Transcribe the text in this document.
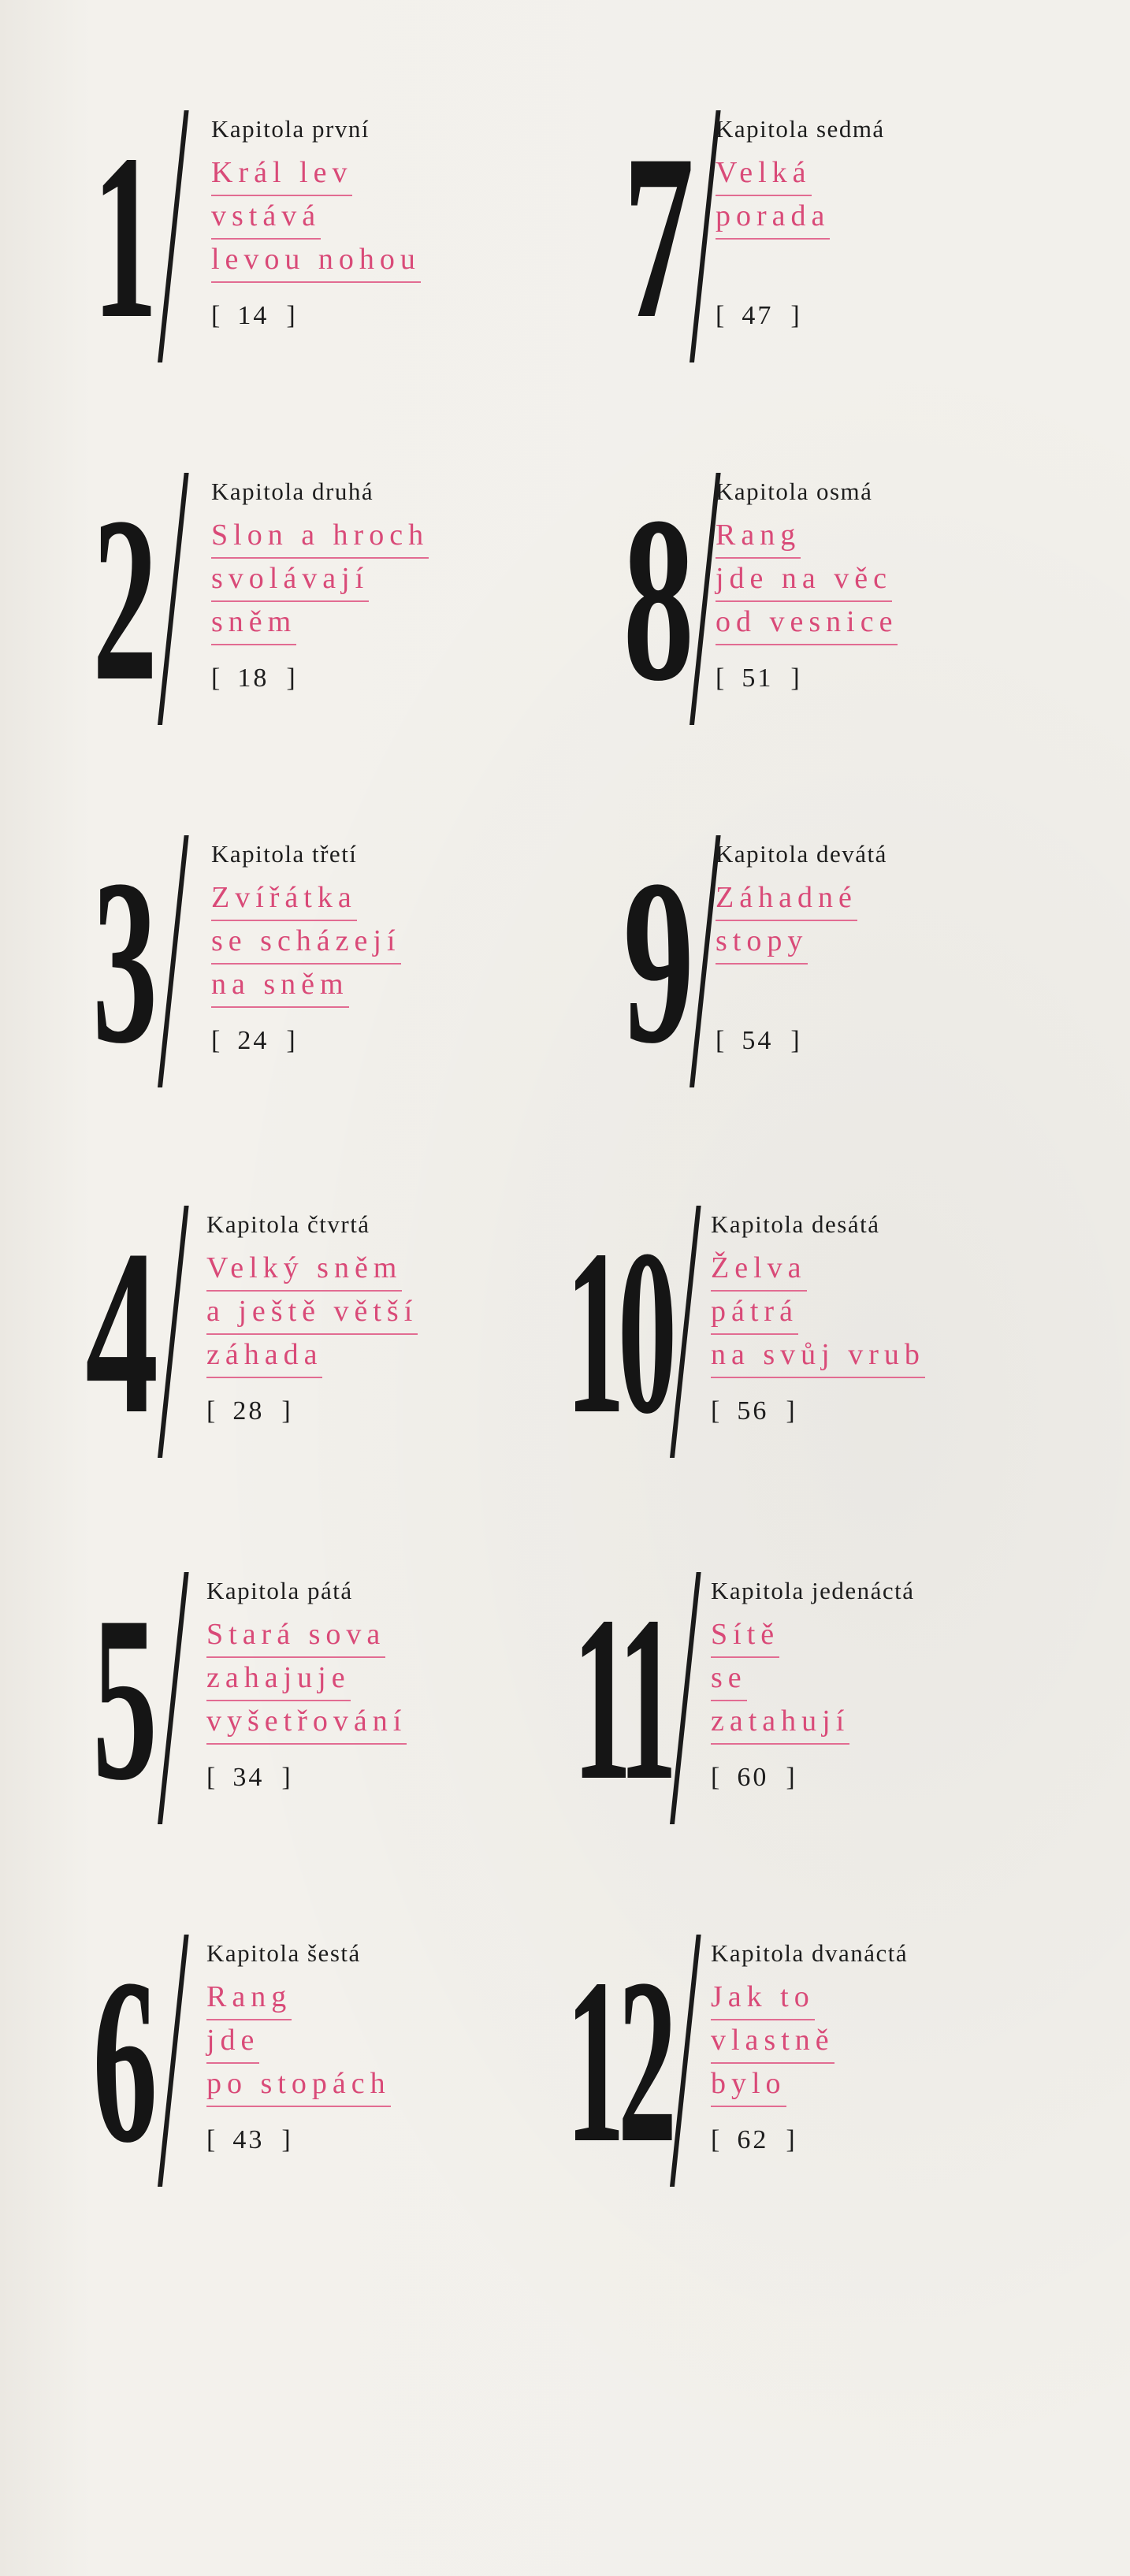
1	Kapitola první
Král lev
vstává
levou nohou
[ 14 ]
2	Kapitola druhá
Slon a hroch
svolávají
sněm
[ 18 ]
3	Kapitola třetí
Zvířátka
se scházejí
na sněm
[ 24 ]
4 Kapitola čtvrtá
Velký sněm
a ještě větší
záhada
[ 28 ]
5 Kapitola pátá
Stará sova
zahajuje
vyšetřování
[ 34 ]
6 Kapitola šestá
Rang
jde
po stopách
[ 43 ]
7 Kapitola sedmá
Velká
porada
[ 47 ]
8 Kapitola osmá
Rang
jde na věc
od vesnice
[ 51 ]
9 Kapitola devátá
Záhadné
stopy
[ 54 ]
10 Kapitola desátá
Želva
pátrá
na svůj vrub
[ 56 ]
11 Kapitola jedenáctá
Sítě
se
zatahují
[ 60 ]
12 Kapitola dvanáctá
Jak to
vlastně
bylo
[ 62 ]
